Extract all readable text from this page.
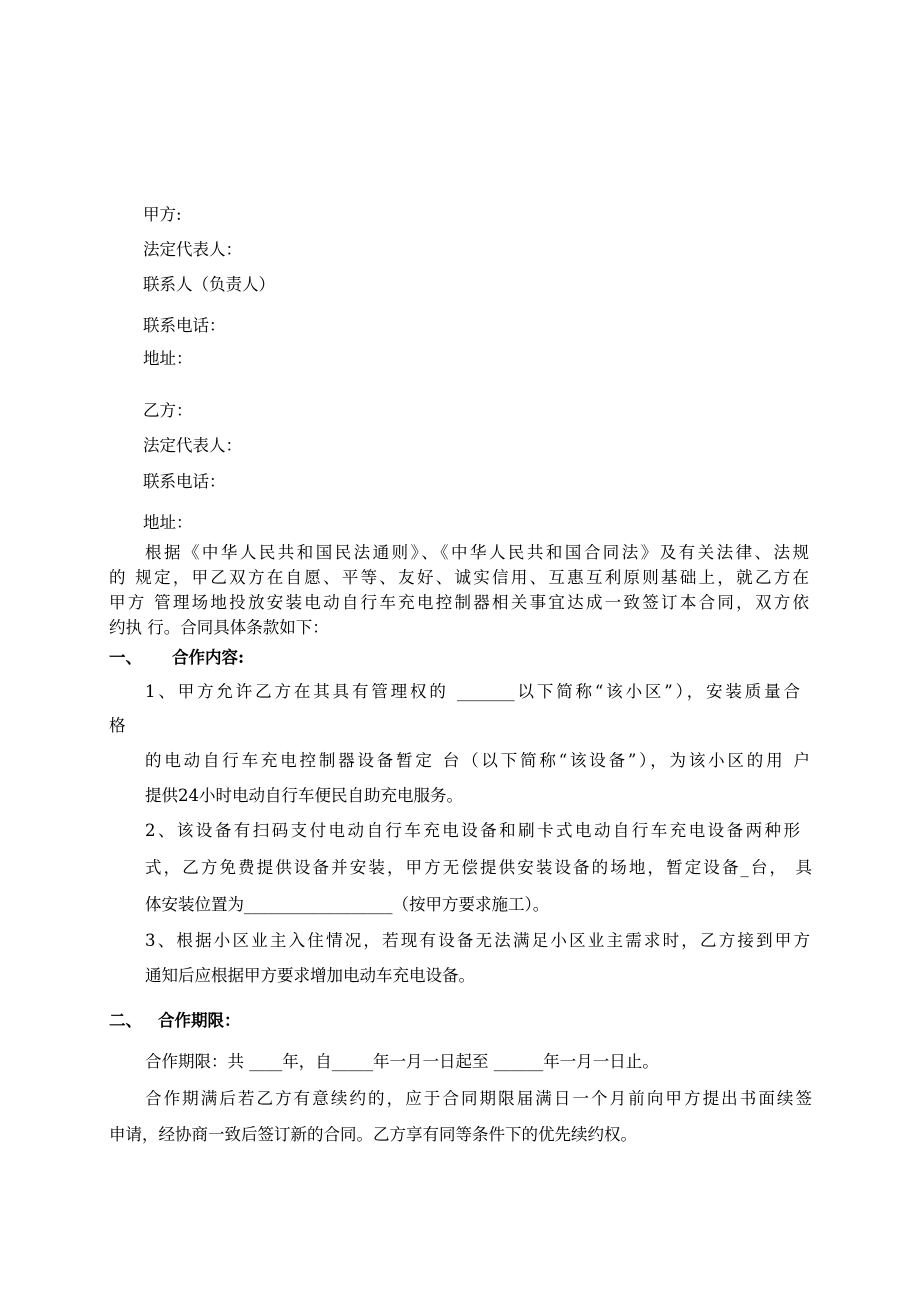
甲方:
法定代表人：
联系人（负责人）
联系电话：
地址：
乙方：
法定代表人：
联系电话：
地址：
根据《中华人民共和国民法通则》、《中华人民共和国合同法》及有关法律、法规
的 规定，甲乙双方在自愿、平等、友好、诚实信用、互惠互利原则基础上，就乙方在
甲方 管理场地投放安装电动自行车充电控制器相关事宜达成一致签订本合同，双方依
约执 行。合同具体条款如下：
一、 合作内容:
1、甲方允许乙方在其具有管理权的 _______以下简称“该小区”），安装质量合
格
的电动自行车充电控制器设备暂定 台（以下简称“该设备”），为该小区的用 户
提供24小时电动自行车便民自助充电服务。
2、该设备有扫码支付电动自行车充电设备和刷卡式电动自行车充电设备两种形
式，乙方免费提供设备并安装，甲方无偿提供安装设备的场地，暂定设备_台， 具
体安装位置为__________________（按甲方要求施工）。
3、根据小区业主入住情况，若现有设备无法满足小区业主需求时，乙方接到甲方
通知后应根据甲方要求增加电动车充电设备。
二、 合作期限：
合作期限：共 ____年，自_____年一月一日起至 ______年一月一日止。
合作期满后若乙方有意续约的，应于合同期限届满日一个月前向甲方提出书面续签
申请，经协商一致后签订新的合同。乙方享有同等条件下的优先续约权。
